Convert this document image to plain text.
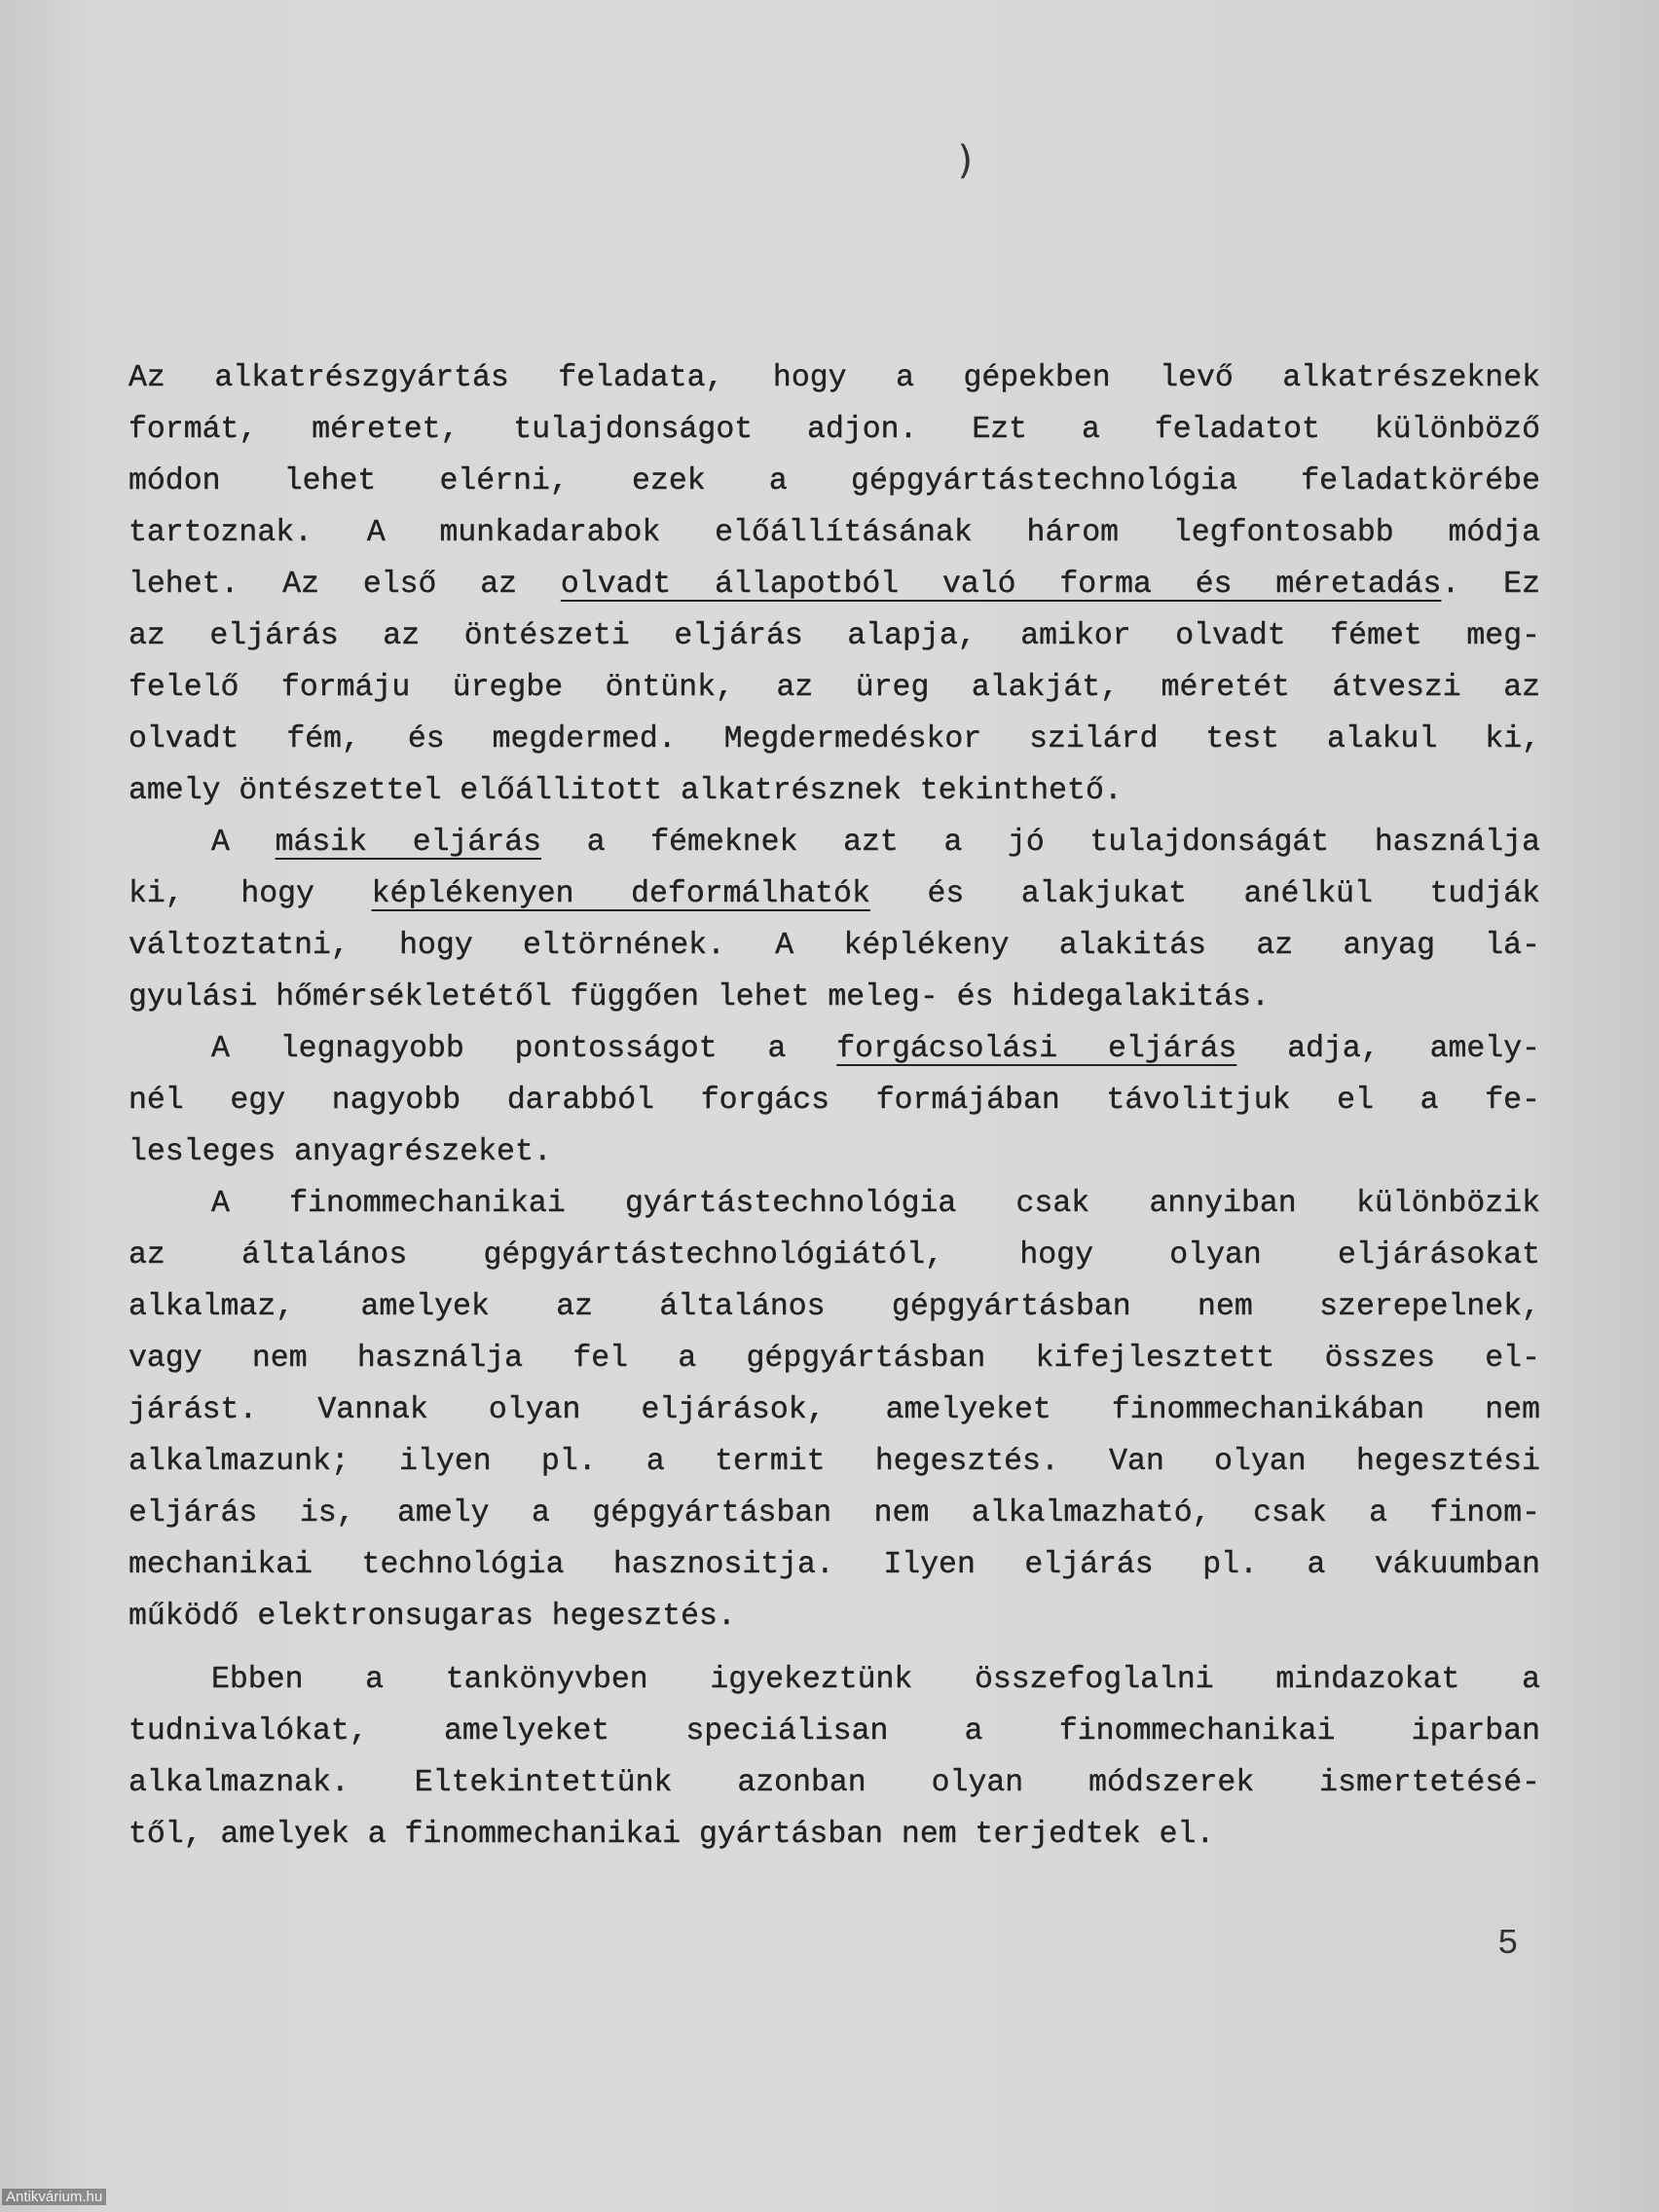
)
Az alkatrészgyártás feladata, hogy a gépekben levő alkatrészeknek
formát, méretet, tulajdonságot adjon. Ezt a feladatot különböző
módon lehet elérni, ezek a gépgyártástechnológia feladatkörébe
tartoznak. A munkadarabok előállításának három legfontosabb módja
lehet. Az első az olvadt állapotból való forma és méretadás. Ez
az eljárás az öntészeti eljárás alapja, amikor olvadt fémet meg-
felelő formáju üregbe öntünk, az üreg alakját, méretét átveszi az
olvadt fém, és megdermed. Megdermedéskor szilárd test alakul ki,
amely öntészettel előállitott alkatrésznek tekinthető.
A másik eljárás a fémeknek azt a jó tulajdonságát használja
ki, hogy képlékenyen deformálhatók és alakjukat anélkül tudják
változtatni, hogy eltörnének. A képlékeny alakitás az anyag lá-
gyulási hőmérsékletétől függően lehet meleg- és hidegalakitás.
A legnagyobb pontosságot a forgácsolási eljárás adja, amely-
nél egy nagyobb darabból forgács formájában távolitjuk el a fe-
lesleges anyagrészeket.
A finommechanikai gyártástechnológia csak annyiban különbözik
az általános gépgyártástechnológiától, hogy olyan eljárásokat
alkalmaz, amelyek az általános gépgyártásban nem szerepelnek,
vagy nem használja fel a gépgyártásban kifejlesztett összes el-
járást. Vannak olyan eljárások, amelyeket finommechanikában nem
alkalmazunk; ilyen pl. a termit hegesztés. Van olyan hegesztési
eljárás is, amely a gépgyártásban nem alkalmazható, csak a finom-
mechanikai technológia hasznositja. Ilyen eljárás pl. a vákuumban
működő elektronsugaras hegesztés.
Ebben a tankönyvben igyekeztünk összefoglalni mindazokat a
tudnivalókat, amelyeket speciálisan a finommechanikai iparban
alkalmaznak. Eltekintettünk azonban olyan módszerek ismertetésé-
től, amelyek a finommechanikai gyártásban nem terjedtek el.
5
Antikvárium.hu
